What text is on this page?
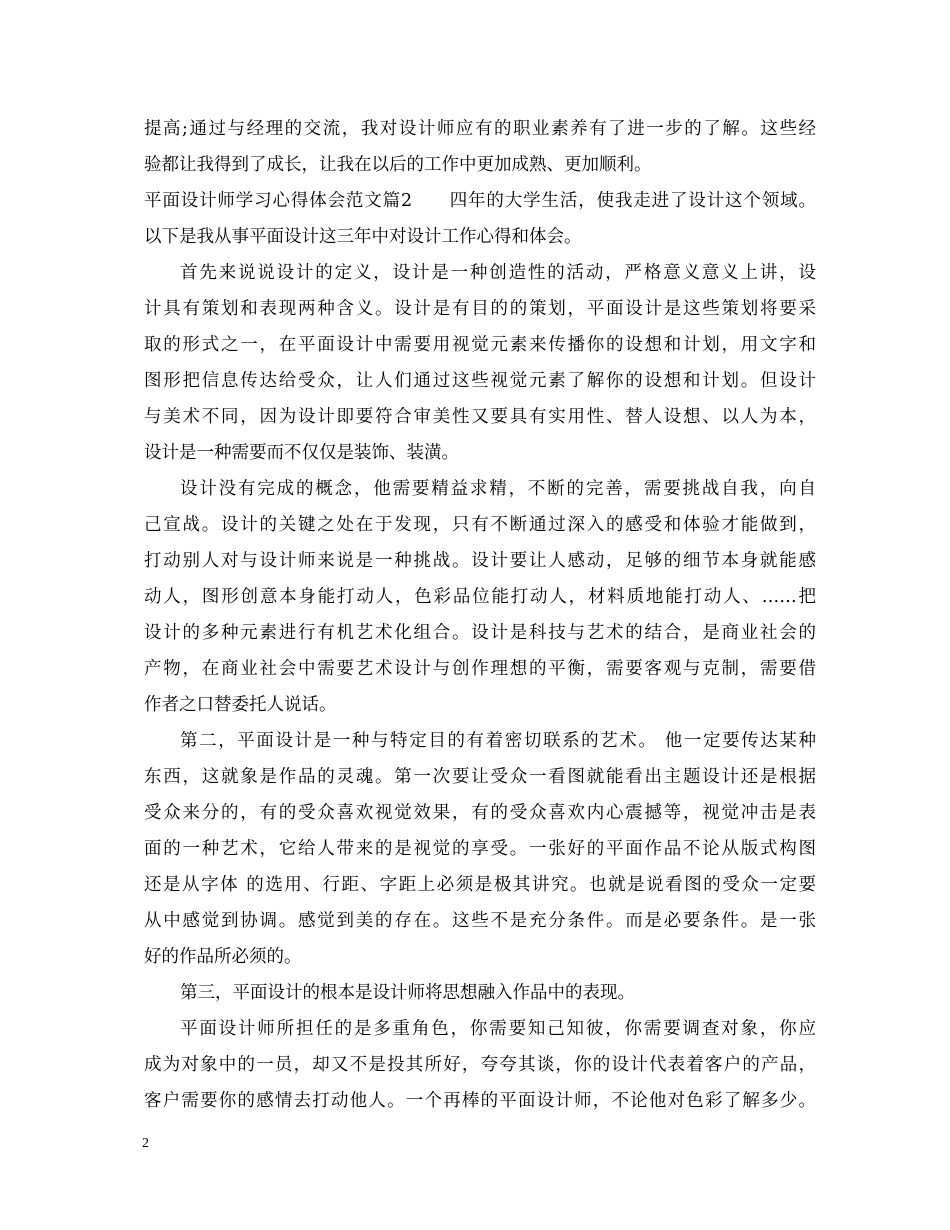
提高;通过与经理的交流，我对设计师应有的职业素养有了进一步的了解。这些经
验都让我得到了成长，让我在以后的工作中更加成熟、更加顺利。
平面设计师学习心得体会范文篇2　　四年的大学生活，使我走进了设计这个领域。
以下是我从事平面设计这三年中对设计工作心得和体会。
首先来说说设计的定义，设计是一种创造性的活动，严格意义意义上讲，设
计具有策划和表现两种含义。设计是有目的的策划，平面设计是这些策划将要采
取的形式之一，在平面设计中需要用视觉元素来传播你的设想和计划，用文字和
图形把信息传达给受众，让人们通过这些视觉元素了解你的设想和计划。但设计
与美术不同，因为设计即要符合审美性又要具有实用性、替人设想、以人为本，
设计是一种需要而不仅仅是装饰、装潢。
设计没有完成的概念，他需要精益求精，不断的完善，需要挑战自我，向自
己宣战。设计的关键之处在于发现，只有不断通过深入的感受和体验才能做到，
打动别人对与设计师来说是一种挑战。设计要让人感动，足够的细节本身就能感
动人，图形创意本身能打动人，色彩品位能打动人，材料质地能打动人、……把
设计的多种元素进行有机艺术化组合。设计是科技与艺术的结合，是商业社会的
产物，在商业社会中需要艺术设计与创作理想的平衡，需要客观与克制，需要借
作者之口替委托人说话。
第二，平面设计是一种与特定目的有着密切联系的艺术。 他一定要传达某种
东西，这就象是作品的灵魂。第一次要让受众一看图就能看出主题设计还是根据
受众来分的，有的受众喜欢视觉效果，有的受众喜欢内心震撼等，视觉冲击是表
面的一种艺术，它给人带来的是视觉的享受。一张好的平面作品不论从版式构图
还是从字体 的选用、行距、字距上必须是极其讲究。也就是说看图的受众一定要
从中感觉到协调。感觉到美的存在。这些不是充分条件。而是必要条件。是一张
好的作品所必须的。
第三，平面设计的根本是设计师将思想融入作品中的表现。
平面设计师所担任的是多重角色，你需要知己知彼，你需要调查对象，你应
成为对象中的一员，却又不是投其所好，夸夸其谈，你的设计代表着客户的产品，
客户需要你的感情去打动他人。一个再棒的平面设计师，不论他对色彩了解多少。
2
